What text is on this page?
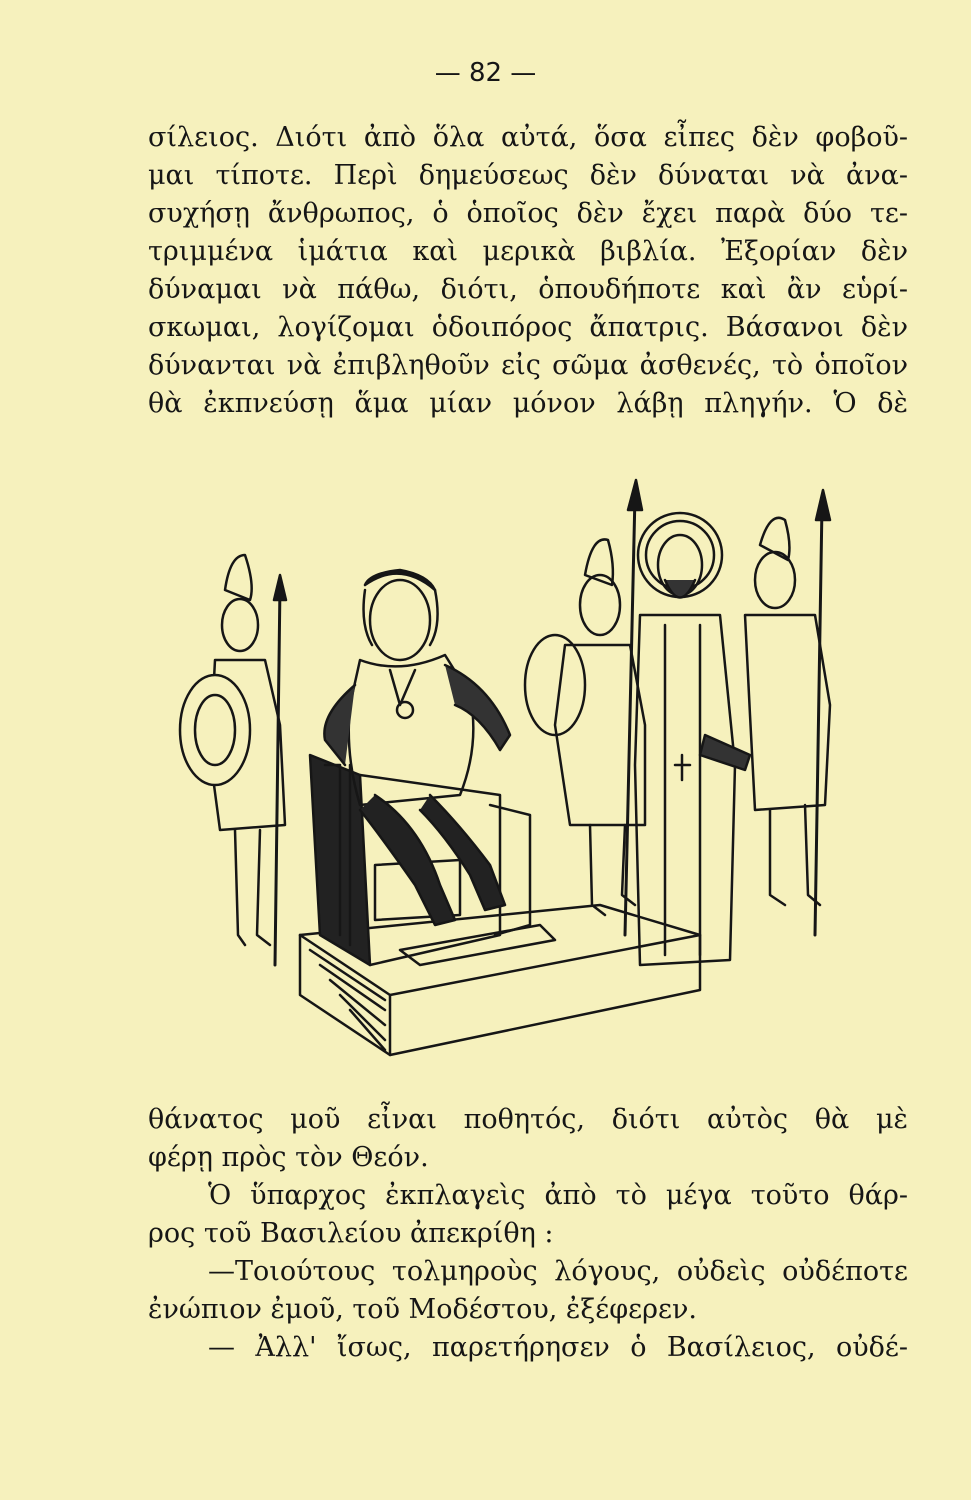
— 82 —
σίλειος. Διότι ἀπὸ ὅλα αὐτά, ὅσα εἶπες δὲν φοβοῦ-
μαι τίποτε. Περὶ δημεύσεως δὲν δύναται νὰ ἀνα-
συχήσῃ ἄνθρωπος, ὁ ὁποῖος δὲν ἔχει παρὰ δύο τε-
τριμμένα ἱμάτια καὶ μερικὰ βιβλία. Ἐξορίαν δὲν
δύναμαι νὰ πάθω, διότι, ὁπουδήποτε καὶ ἂν εὑρί-
σκωμαι, λογίζομαι ὁδοιπόρος ἄπατρις. Βάσανοι δὲν
δύνανται νὰ ἐπιβληθοῦν εἰς σῶμα ἀσθενές, τὸ ὁποῖον
θὰ ἐκπνεύσῃ ἅμα μίαν μόνον λάβῃ πληγήν. Ὁ δὲ
θάνατος μοῦ εἶναι ποθητός, διότι αὐτὸς θὰ μὲ
φέρῃ πρὸς τὸν Θεόν.
Ὁ ὕπαρχος ἐκπλαγεὶς ἀπὸ τὸ μέγα τοῦτο θάρ-
ρος τοῦ Βασιλείου ἀπεκρίθη :
—Τοιούτους τολμηροὺς λόγους, οὐδεὶς οὐδέποτε
ἐνώπιον ἐμοῦ, τοῦ Μοδέστου, ἐξέφερεν.
— Ἀλλ' ἴσως, παρετήρησεν ὁ Βασίλειος, οὐδέ-
